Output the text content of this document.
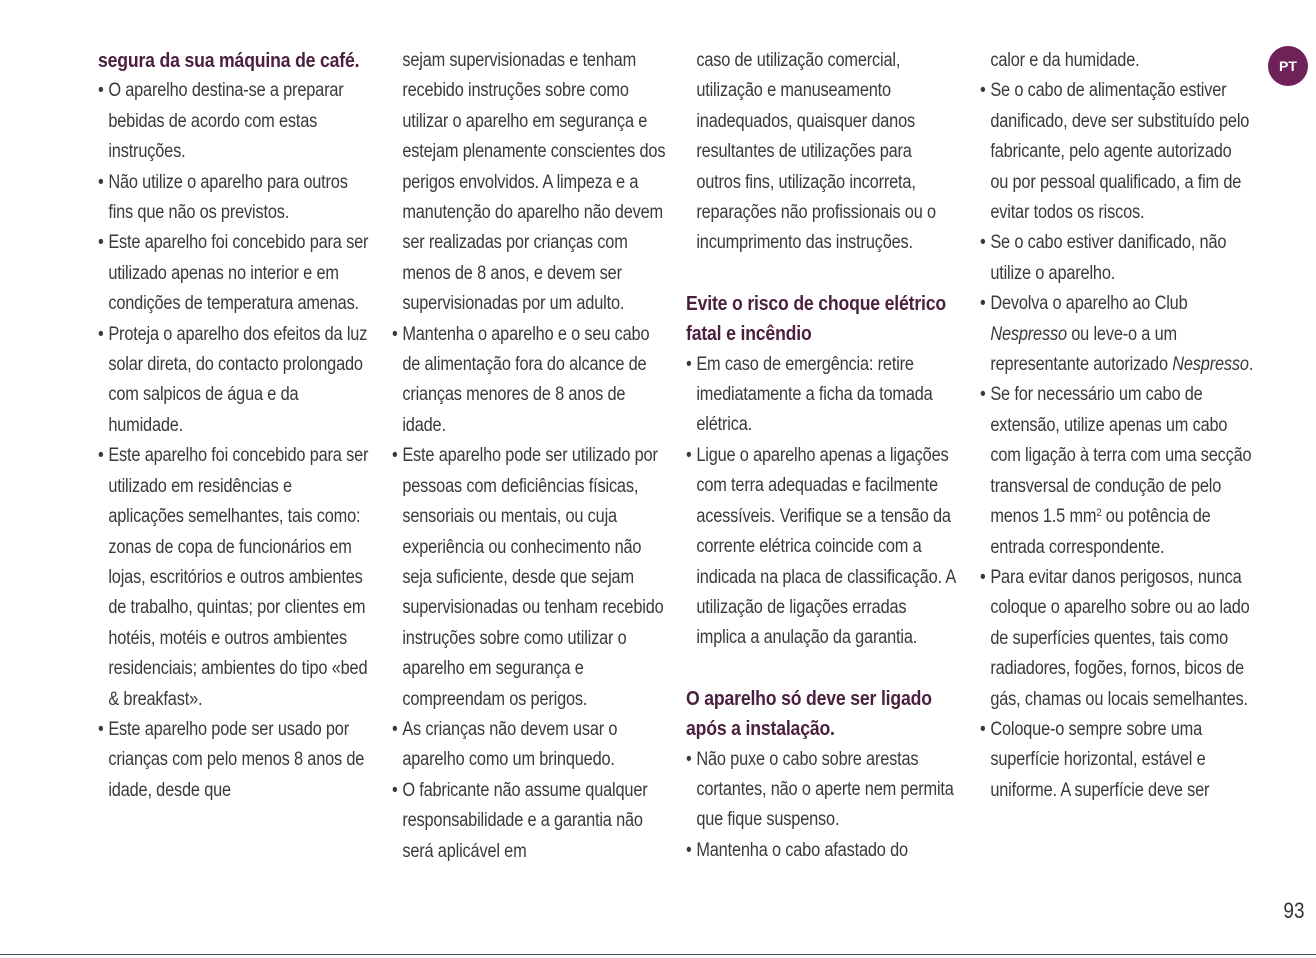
segura da sua máquina de café.
• O aparelho destina-se a preparar bebidas de acordo com estas instruções.
• Não utilize o aparelho para outros fins que não os previstos.
• Este aparelho foi concebido para ser utilizado apenas no interior e em condições de temperatura amenas.
• Proteja o aparelho dos efeitos da luz solar direta, do contacto prolongado com salpicos de água e da humidade.
• Este aparelho foi concebido para ser utilizado em residências e aplicações semelhantes, tais como: zonas de copa de funcionários em lojas, escritórios e outros ambientes de trabalho, quintas; por clientes em hotéis, motéis e outros ambientes residenciais; ambientes do tipo «bed & breakfast».
• Este aparelho pode ser usado por crianças com pelo menos 8 anos de idade, desde que
sejam supervisionadas e tenham recebido instruções sobre como utilizar o aparelho em segurança e estejam plenamente conscientes dos perigos envolvidos. A limpeza e a manutenção do aparelho não devem ser realizadas por crianças com menos de 8 anos, e devem ser supervisionadas por um adulto.
• Mantenha o aparelho e o seu cabo de alimentação fora do alcance de crianças menores de 8 anos de idade.
• Este aparelho pode ser utilizado por pessoas com deficiências físicas, sensoriais ou mentais, ou cuja experiência ou conhecimento não seja suficiente, desde que sejam supervisionadas ou tenham recebido instruções sobre como utilizar o aparelho em segurança e compreendam os perigos.
• As crianças não devem usar o aparelho como um brinquedo.
• O fabricante não assume qualquer responsabilidade e a garantia não será aplicável em
caso de utilização comercial, utilização e manuseamento inadequados, quaisquer danos resultantes de utilizações para outros fins, utilização incorreta, reparações não profissionais ou o incumprimento das instruções.
Evite o risco de choque elétrico fatal e incêndio
• Em caso de emergência: retire imediatamente a ficha da tomada elétrica.
• Ligue o aparelho apenas a ligações com terra adequadas e facilmente acessíveis. Verifique se a tensão da corrente elétrica coincide com a indicada na placa de classificação. A utilização de ligações erradas implica a anulação da garantia.
O aparelho só deve ser ligado após a instalação.
• Não puxe o cabo sobre arestas cortantes, não o aperte nem permita que fique suspenso.
• Mantenha o cabo afastado do
calor e da humidade.
• Se o cabo de alimentação estiver danificado, deve ser substituído pelo fabricante, pelo agente autorizado ou por pessoal qualificado, a fim de evitar todos os riscos.
• Se o cabo estiver danificado, não utilize o aparelho.
• Devolva o aparelho ao Club Nespresso ou leve-o a um representante autorizado Nespresso.
• Se for necessário um cabo de extensão, utilize apenas um cabo com ligação à terra com uma secção transversal de condução de pelo menos 1.5 $mm^2$ ou potência de entrada correspondente.
• Para evitar danos perigosos, nunca coloque o aparelho sobre ou ao lado de superfícies quentes, tais como radiadores, fogões, fornos, bicos de gás, chamas ou locais semelhantes.
• Coloque-o sempre sobre uma superfície horizontal, estável e uniforme. A superfície deve ser
PT
93
